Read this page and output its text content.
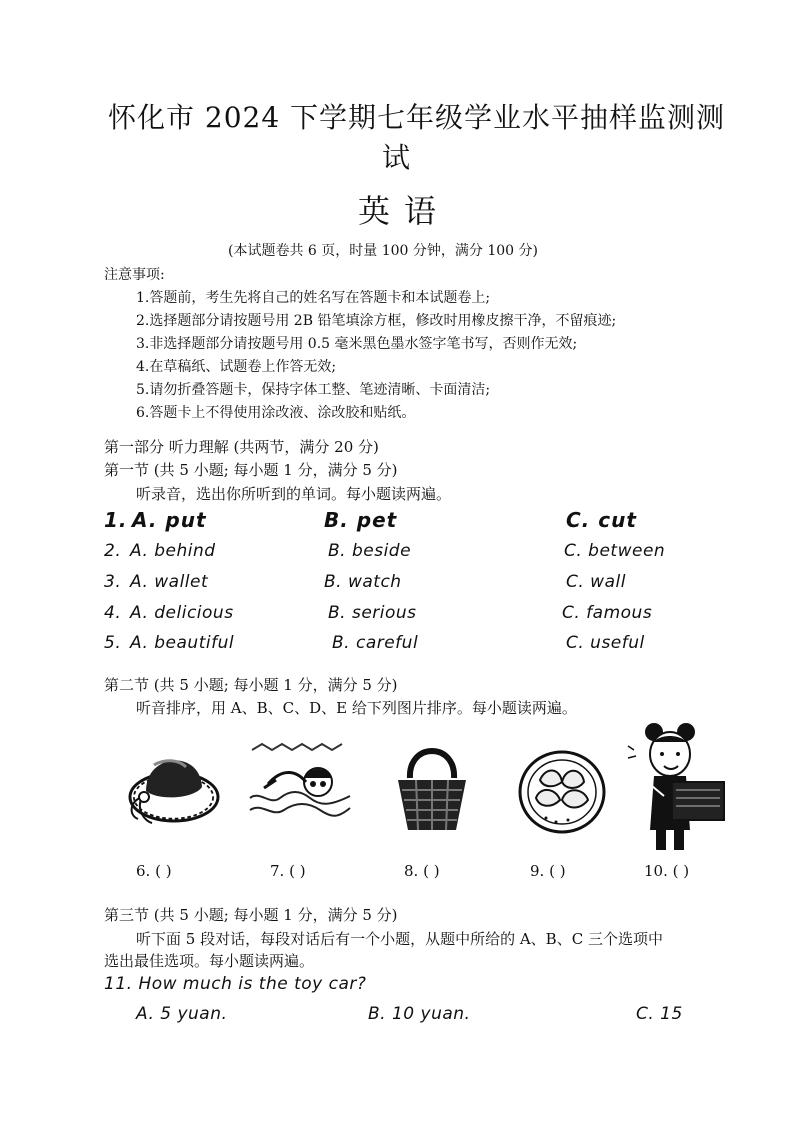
怀化市 2024 下学期七年级学业水平抽样监测测
试
英语
(本试题卷共 6 页，时量 100 分钟，满分 100 分)
注意事项:
1.答题前，考生先将自己的姓名写在答题卡和本试题卷上;
2.选择题部分请按题号用 2B 铅笔填涂方框，修改时用橡皮擦干净，不留痕迹;
3.非选择题部分请按题号用 0.5 毫米黑色墨水签字笔书写，否则作无效;
4.在草稿纸、试题卷上作答无效;
5.请勿折叠答题卡，保持字体工整、笔迹清晰、卡面清洁;
6.答题卡上不得使用涂改液、涂改胶和贴纸。
第一部分 听力理解 (共两节，满分 20 分)
第一节 (共 5 小题; 每小题 1 分，满分 5 分)
听录音，选出你所听到的单词。每小题读两遍。
1. A. put	B. pet	C. cut
2. A. behind	B. beside	C. between
3. A. wallet	B. watch	C. wall
4. A. delicious	B. serious	C. famous
5. A. beautiful	B. careful	C. useful
第二节 (共 5 小题; 每小题 1 分，满分 5 分)
听音排序，用 A、B、C、D、E 给下列图片排序。每小题读两遍。
6. ( )	7. ( )	8. ( )	9. ( )	10. ( )
第三节 (共 5 小题; 每小题 1 分，满分 5 分)
听下面 5 段对话，每段对话后有一个小题，从题中所给的 A、B、C 三个选项中
选出最佳选项。每小题读两遍。
11. How much is the toy car?
A. 5 yuan.	B. 10 yuan.	C. 15
